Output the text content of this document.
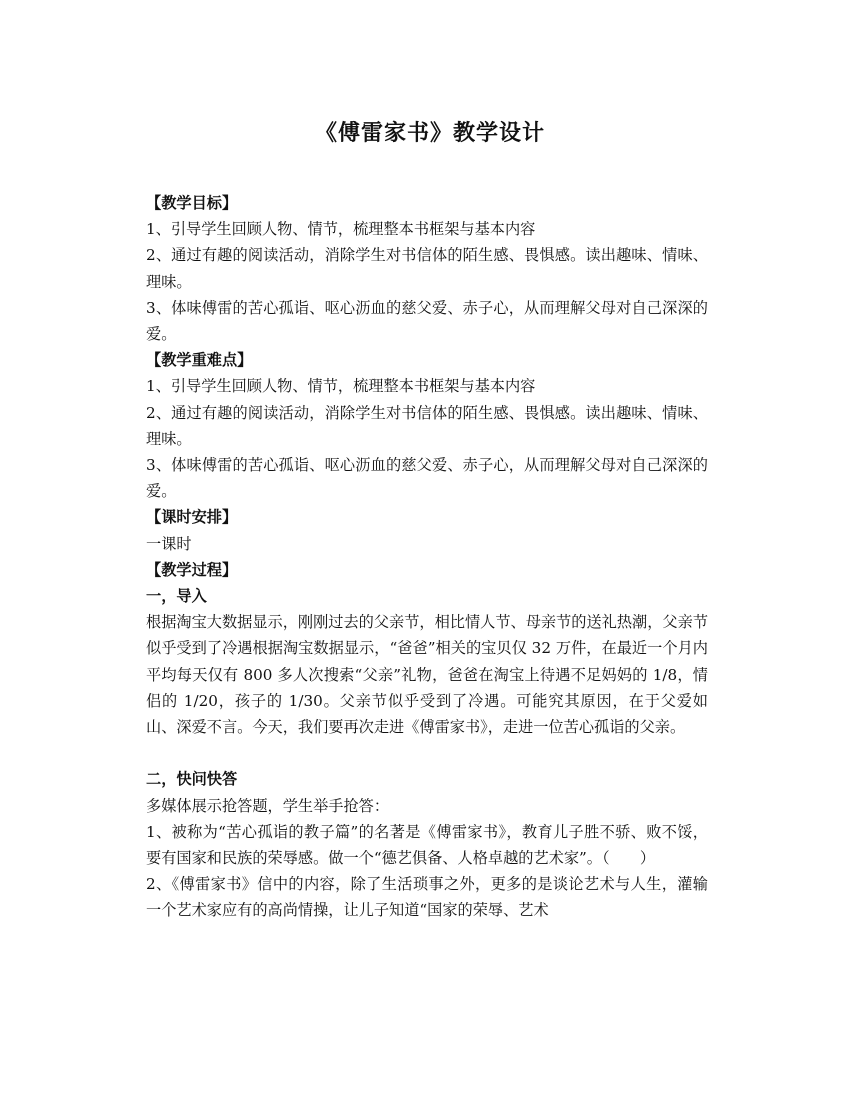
《傅雷家书》教学设计

【教学目标】

1、引导学生回顾人物、情节，梳理整本书框架与基本内容

2、通过有趣的阅读活动，消除学生对书信体的陌生感、畏惧感。读出趣味、情味、理味。

3、体味傅雷的苦心孤诣、呕心沥血的慈父爱、赤子心，从而理解父母对自己深深的爱。

【教学重难点】

1、引导学生回顾人物、情节，梳理整本书框架与基本内容

2、通过有趣的阅读活动，消除学生对书信体的陌生感、畏惧感。读出趣味、情味、理味。

3、体味傅雷的苦心孤诣、呕心沥血的慈父爱、赤子心，从而理解父母对自己深深的爱。

【课时安排】

一课时

【教学过程】

一，导入

根据淘宝大数据显示，刚刚过去的父亲节，相比情人节、母亲节的送礼热潮，父亲节似乎受到了冷遇根据淘宝数据显示，“爸爸”相关的宝贝仅 32 万件，在最近一个月内平均每天仅有 800 多人次搜索“父亲”礼物，爸爸在淘宝上待遇不足妈妈的 1/8，情侣的 1/20，孩子的 1/30。父亲节似乎受到了冷遇。可能究其原因，在于父爱如山、深爱不言。今天，我们要再次走进《傅雷家书》，走进一位苦心孤诣的父亲。

二，快问快答

多媒体展示抢答题，学生举手抢答：

1、被称为“苦心孤诣的教子篇”的名著是《傅雷家书》，教育儿子胜不骄、败不馁，要有国家和民族的荣辱感。做一个“德艺俱备、人格卓越的艺术家”。（　　）

2、《傅雷家书》信中的内容，除了生活琐事之外，更多的是谈论艺术与人生，灌输一个艺术家应有的高尚情操，让儿子知道“国家的荣辱、艺术
